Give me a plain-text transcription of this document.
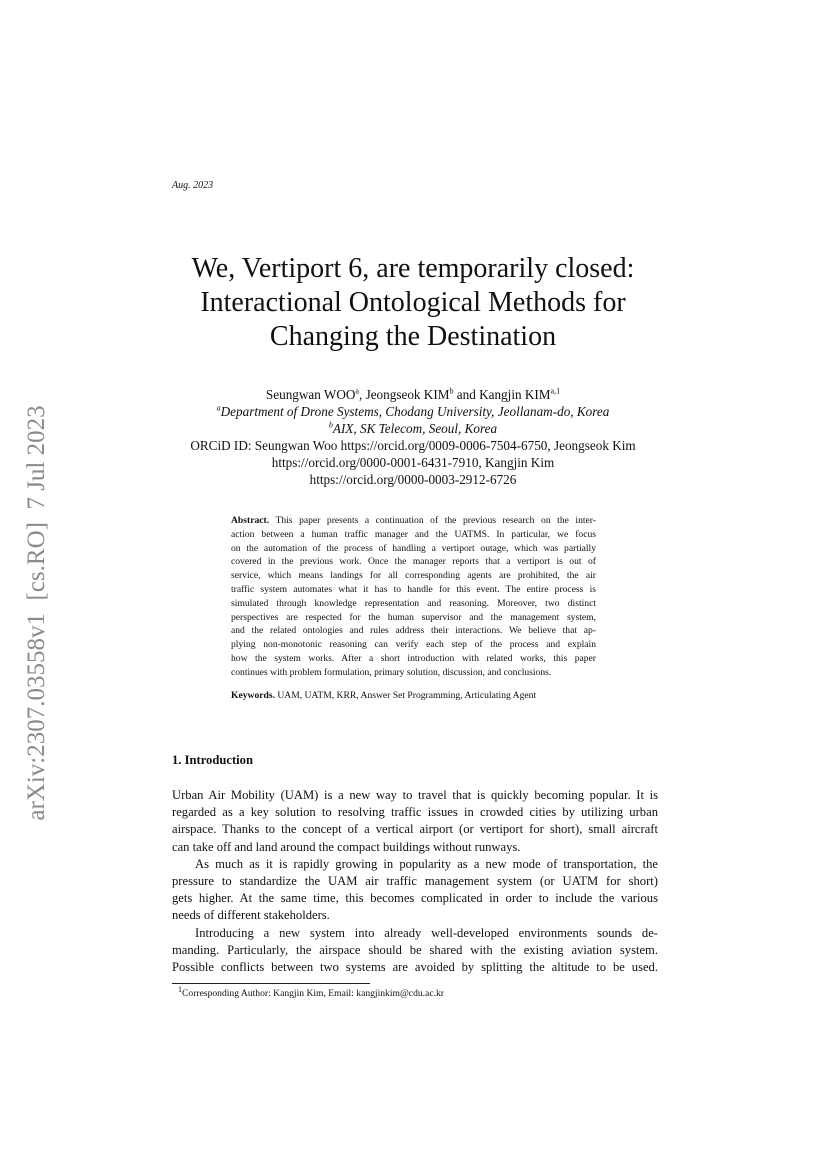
arXiv:2307.03558v1  [cs.RO]  7 Jul 2023
Aug. 2023
We, Vertiport 6, are temporarily closed:
Interactional Ontological Methods for
Changing the Destination
Seungwan WOO$^a$, Jeongseok KIM$^b$ and Kangjin KIM$^{a,1}$
$^a$Department of Drone Systems, Chodang University, Jeollanam-do, Korea
$^b$AIX, SK Telecom, Seoul, Korea
ORCiD ID: Seungwan Woo https://orcid.org/0009-0006-7504-6750, Jeongseok Kim
https://orcid.org/0000-0001-6431-7910, Kangjin Kim
https://orcid.org/0000-0003-2912-6726
Abstract. This paper presents a continuation of the previous research on the inter-
action between a human traffic manager and the UATMS. In particular, we focus
on the automation of the process of handling a vertiport outage, which was partially
covered in the previous work. Once the manager reports that a vertiport is out of
service, which means landings for all corresponding agents are prohibited, the air
traffic system automates what it has to handle for this event. The entire process is
simulated through knowledge representation and reasoning. Moreover, two distinct
perspectives are respected for the human supervisor and the management system,
and the related ontologies and rules address their interactions. We believe that ap-
plying non-monotonic reasoning can verify each step of the process and explain
how the system works. After a short introduction with related works, this paper
continues with problem formulation, primary solution, discussion, and conclusions.
Keywords. UAM, UATM, KRR, Answer Set Programming, Articulating Agent
1. Introduction
Urban Air Mobility (UAM) is a new way to travel that is quickly becoming popular. It is
regarded as a key solution to resolving traffic issues in crowded cities by utilizing urban
airspace. Thanks to the concept of a vertical airport (or vertiport for short), small aircraft
can take off and land around the compact buildings without runways.
As much as it is rapidly growing in popularity as a new mode of transportation, the
pressure to standardize the UAM air traffic management system (or UATM for short)
gets higher. At the same time, this becomes complicated in order to include the various
needs of different stakeholders.
Introducing a new system into already well-developed environments sounds de-
manding. Particularly, the airspace should be shared with the existing aviation system.
Possible conflicts between two systems are avoided by splitting the altitude to be used.
$^1$Corresponding Author: Kangjin Kim, Email: kangjinkim@cdu.ac.kr
